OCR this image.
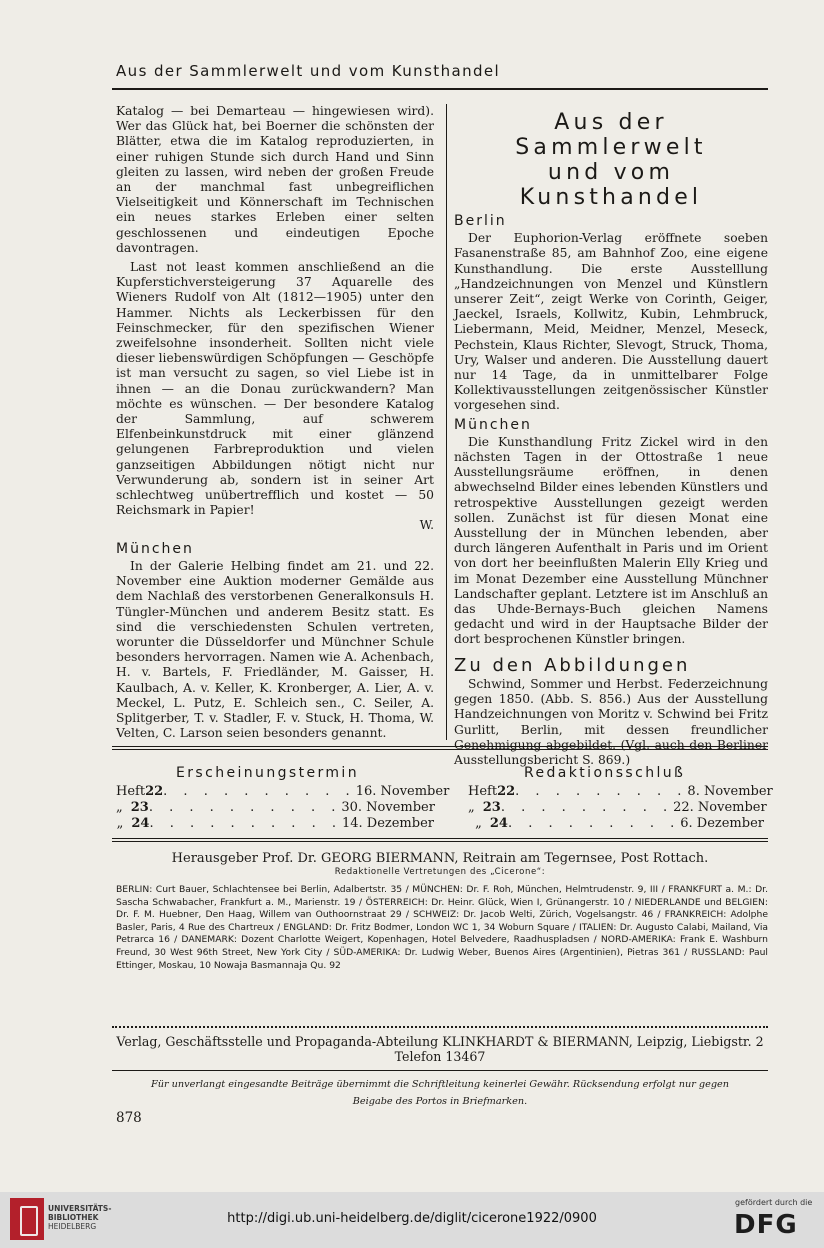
Aus der Sammlerwelt und vom Kunsthandel

Katalog — bei Demarteau — hingewiesen wird). Wer das Glück hat, bei Boerner die schönsten der Blätter, etwa die im Katalog reproduzierten, in einer ruhigen Stunde sich durch Hand und Sinn gleiten zu lassen, wird neben der großen Freude an der manchmal fast unbegreiflichen Vielseitigkeit und Könnerschaft im Technischen ein neues starkes Erleben einer selten geschlossenen und eindeutigen Epoche davontragen.

Last not least kommen anschließend an die Kupferstichversteigerung 37 Aquarelle des Wieners Rudolf von Alt (1812—1905) unter den Hammer. Nichts als Leckerbissen für den Feinschmecker, für den spezifischen Wiener zweifelsohne insonderheit. Sollten nicht viele dieser liebenswürdigen Schöpfungen — Geschöpfe ist man versucht zu sagen, so viel Liebe ist in ihnen — an die Donau zurückwandern? Man möchte es wünschen. — Der besondere Katalog der Sammlung, auf schwerem Elfenbeinkunstdruck mit einer glänzend gelungenen Farbreproduktion und vielen ganzseitigen Abbildungen nötigt nicht nur Verwunderung ab, sondern ist in seiner Art schlechtweg unübertrefflich und kostet — 50 Reichsmark in Papier!

W.

München

In der Galerie Helbing findet am 21. und 22. November eine Auktion moderner Gemälde aus dem Nachlaß des verstorbenen Generalkonsuls H. Tüngler-München und anderem Besitz statt. Es sind die verschiedensten Schulen vertreten, worunter die Düsseldorfer und Münchner Schule besonders hervorragen. Namen wie A. Achenbach, H. v. Bartels, F. Friedländer, M. Gaisser, H. Kaulbach, A. v. Keller, K. Kronberger, A. Lier, A. v. Meckel, L. Putz, E. Schleich sen., C. Seiler, A. Splitgerber, T. v. Stadler, F. v. Stuck, H. Thoma, W. Velten, C. Larson seien besonders genannt.

Aus der Sammlerwelt
und vom Kunsthandel
Berlin

Der Euphorion-Verlag eröffnete soeben Fasanenstraße 85, am Bahnhof Zoo, eine eigene Kunsthandlung. Die erste Ausstelllung „Handzeichnungen von Menzel und Künstlern unserer Zeit“, zeigt Werke von Corinth, Geiger, Jaeckel, Israels, Kollwitz, Kubin, Lehmbruck, Liebermann, Meid, Meidner, Menzel, Meseck, Pechstein, Klaus Richter, Slevogt, Struck, Thoma, Ury, Walser und anderen. Die Ausstellung dauert nur 14 Tage, da in unmittelbarer Folge Kollektivausstellungen zeitgenössischer Künstler vorgesehen sind.

München

Die Kunsthandlung Fritz Zickel wird in den nächsten Tagen in der Ottostraße 1 neue Ausstellungsräume eröffnen, in denen abwechselnd Bilder eines lebenden Künstlers und retrospektive Ausstellungen gezeigt werden sollen. Zunächst ist für diesen Monat eine Ausstellung der in München lebenden, aber durch längeren Aufenthalt in Paris und im Orient von dort her beeinflußten Malerin Elly Krieg und im Monat Dezember eine Ausstellung Münchner Landschafter geplant. Letztere ist im Anschluß an das Uhde-Bernays-Buch gleichen Namens gedacht und wird in der Hauptsache Bilder der dort besprochenen Künstler bringen.

Zu den Abbildungen

Schwind, Sommer und Herbst. Federzeichnung gegen 1850. (Abb. S. 856.) Aus der Ausstellung Handzeichnungen von Moritz v. Schwind bei Fritz Gurlitt, Berlin, mit dessen freundlicher Genehmigung abgebildet. (Vgl. auch den Berliner Ausstellungsbericht S. 869.)

Erscheinungstermin	Redaktionsschluß
Heft 22 . . . . . . . . . . 16. November
„ 23 . . . . . . . . . . 30. November
„ 24 . . . . . . . . . . 14. Dezember
Heft 22 . . . . . . . . . 8. November
„ 23 . . . . . . . . . 22. November
„ 24 . . . . . . . . . 6. Dezember
Herausgeber Prof. Dr. GEORG BIERMANN, Reitrain am Tegernsee, Post Rottach.
Redaktionelle Vertretungen des „Cicerone“:
BERLIN: Curt Bauer, Schlachtensee bei Berlin, Adalbertstr. 35 / MÜNCHEN: Dr. F. Roh, München, Helmtrudenstr. 9, III / FRANKFURT a. M.: Dr. Sascha Schwabacher, Frankfurt a. M., Marienstr. 19 / ÖSTERREICH: Dr. Heinr. Glück, Wien I, Grünangerstr. 10 / NIEDERLANDE und BELGIEN: Dr. F. M. Huebner, Den Haag, Willem van Outhoornstraat 29 / SCHWEIZ: Dr. Jacob Welti, Zürich, Vogelsangstr. 46 / FRANKREICH: Adolphe Basler, Paris, 4 Rue des Chartreux / ENGLAND: Dr. Fritz Bodmer, London WC 1, 34 Woburn Square / ITALIEN: Dr. Augusto Calabi, Mailand, Via Petrarca 16 / DANEMARK: Dozent Charlotte Weigert, Kopenhagen, Hotel Belvedere, Raadhuspladsen / NORD-AMERIKA: Frank E. Washburn Freund, 30 West 96th Street, New York City / SÜD-AMERIKA: Dr. Ludwig Weber, Buenos Aires (Argentinien), Pietras 361 / RUSSLAND: Paul Ettinger, Moskau, 10 Nowaja Basmannaja Qu. 92
Verlag, Geschäftsstelle und Propaganda-Abteilung KLINKHARDT & BIERMANN, Leipzig, Liebigstr. 2
Telefon 13467
Für unverlangt eingesandte Beiträge übernimmt die Schriftleitung keinerlei Gewähr. Rücksendung erfolgt nur gegen
Beigabe des Portos in Briefmarken.
878
UNIVERSITÄTS-
BIBLIOTHEK
HEIDELBERG
http://digi.ub.uni-heidelberg.de/diglit/cicerone1922/0900
gefördert durch die
DFG
